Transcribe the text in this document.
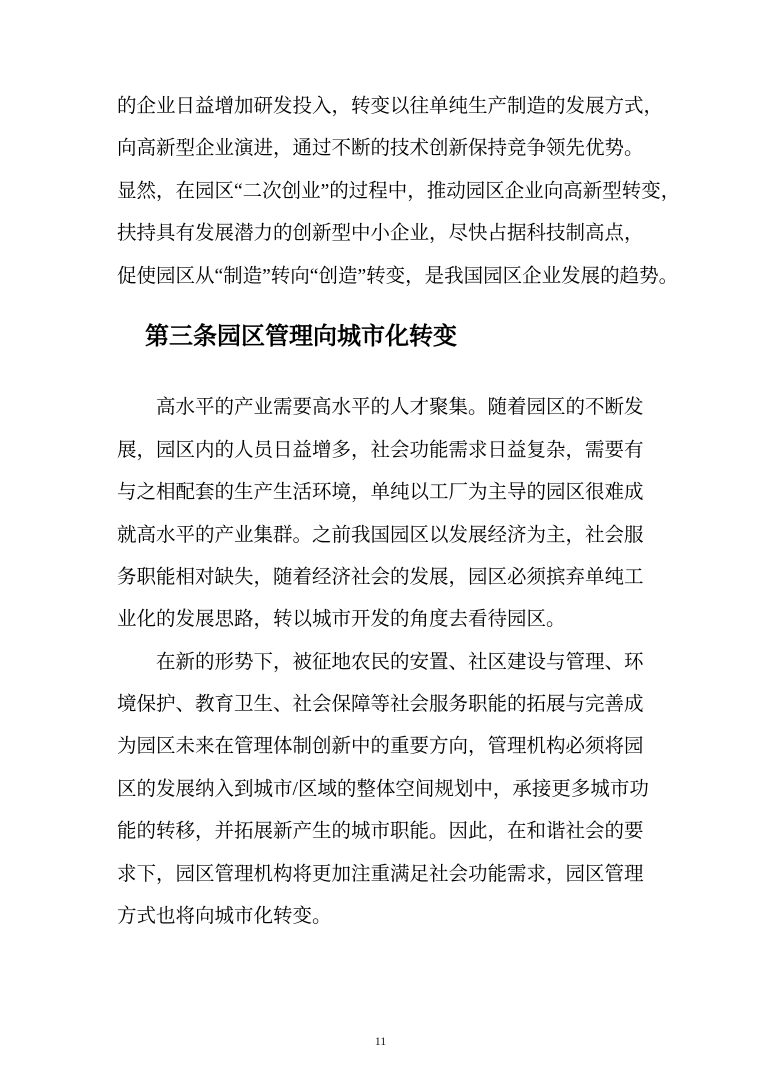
的企业日益增加研发投入，转变以往单纯生产制造的发展方式，
向高新型企业演进，通过不断的技术创新保持竞争领先优势。
显然，在园区“二次创业”的过程中，推动园区企业向高新型转变，
扶持具有发展潜力的创新型中小企业，尽快占据科技制高点，
促使园区从“制造”转向“创造”转变，是我国园区企业发展的趋势。
第三条园区管理向城市化转变
高水平的产业需要高水平的人才聚集。随着园区的不断发
展，园区内的人员日益增多，社会功能需求日益复杂，需要有
与之相配套的生产生活环境，单纯以工厂为主导的园区很难成
就高水平的产业集群。之前我国园区以发展经济为主，社会服
务职能相对缺失，随着经济社会的发展，园区必须摈弃单纯工
业化的发展思路，转以城市开发的角度去看待园区。
在新的形势下，被征地农民的安置、社区建设与管理、环
境保护、教育卫生、社会保障等社会服务职能的拓展与完善成
为园区未来在管理体制创新中的重要方向，管理机构必须将园
区的发展纳入到城市/区域的整体空间规划中，承接更多城市功
能的转移，并拓展新产生的城市职能。因此，在和谐社会的要
求下，园区管理机构将更加注重满足社会功能需求，园区管理
方式也将向城市化转变。
11
